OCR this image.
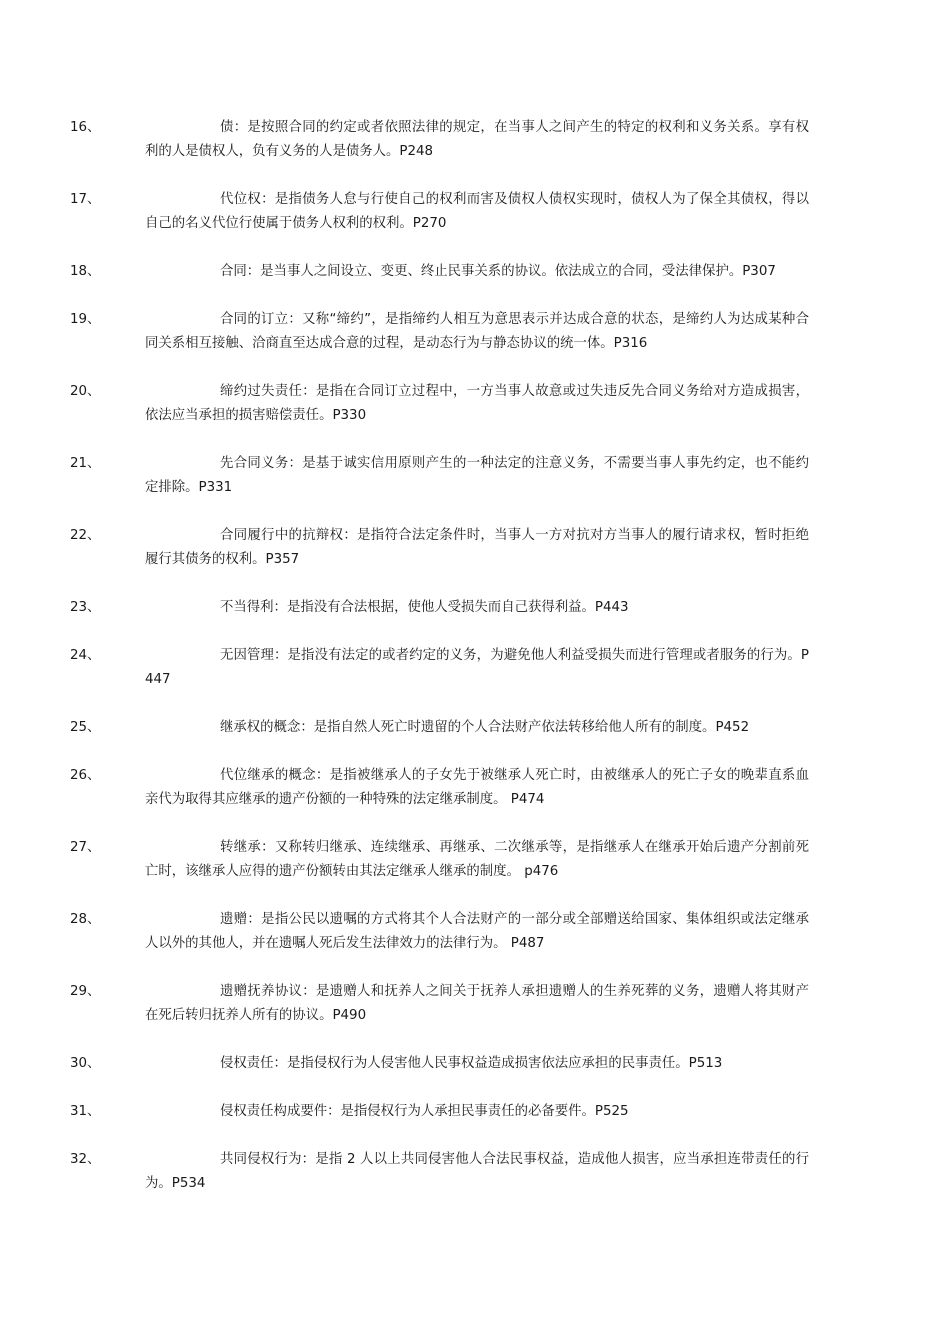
16、	债：是按照合同的约定或者依照法律的规定，在当事人之间产生的特定的权利和义务关系。享有权利的人是债权人，负有义务的人是债务人。P248

17、	代位权：是指债务人怠与行使自己的权利而害及债权人债权实现时，债权人为了保全其债权，得以自己的名义代位行使属于债务人权利的权利。P270

18、	合同：是当事人之间设立、变更、终止民事关系的协议。依法成立的合同，受法律保护。P307

19、	合同的订立：又称“缔约”，是指缔约人相互为意思表示并达成合意的状态，是缔约人为达成某种合同关系相互接触、洽商直至达成合意的过程，是动态行为与静态协议的统一体。P316

20、	缔约过失责任：是指在合同订立过程中，一方当事人故意或过失违反先合同义务给对方造成损害，依法应当承担的损害赔偿责任。P330

21、	先合同义务：是基于诚实信用原则产生的一种法定的注意义务，不需要当事人事先约定，也不能约定排除。P331

22、	合同履行中的抗辩权：是指符合法定条件时，当事人一方对抗对方当事人的履行请求权，暂时拒绝履行其债务的权利。P357

23、	不当得利：是指没有合法根据，使他人受损失而自己获得利益。P443

24、	无因管理：是指没有法定的或者约定的义务，为避免他人利益受损失而进行管理或者服务的行为。P447

25、	继承权的概念：是指自然人死亡时遗留的个人合法财产依法转移给他人所有的制度。P452

26、	代位继承的概念：是指被继承人的子女先于被继承人死亡时，由被继承人的死亡子女的晚辈直系血亲代为取得其应继承的遗产份额的一种特殊的法定继承制度。 P474

27、	转继承：又称转归继承、连续继承、再继承、二次继承等，是指继承人在继承开始后遗产分割前死亡时，该继承人应得的遗产份额转由其法定继承人继承的制度。 p476

28、	遗赠：是指公民以遗嘱的方式将其个人合法财产的一部分或全部赠送给国家、集体组织或法定继承人以外的其他人，并在遗嘱人死后发生法律效力的法律行为。 P487

29、	遗赠抚养协议：是遗赠人和抚养人之间关于抚养人承担遗赠人的生养死葬的义务，遗赠人将其财产在死后转归抚养人所有的协议。P490

30、	侵权责任：是指侵权行为人侵害他人民事权益造成损害依法应承担的民事责任。P513

31、	侵权责任构成要件：是指侵权行为人承担民事责任的必备要件。P525

32、	共同侵权行为：是指 2 人以上共同侵害他人合法民事权益，造成他人损害，应当承担连带责任的行为。P534
